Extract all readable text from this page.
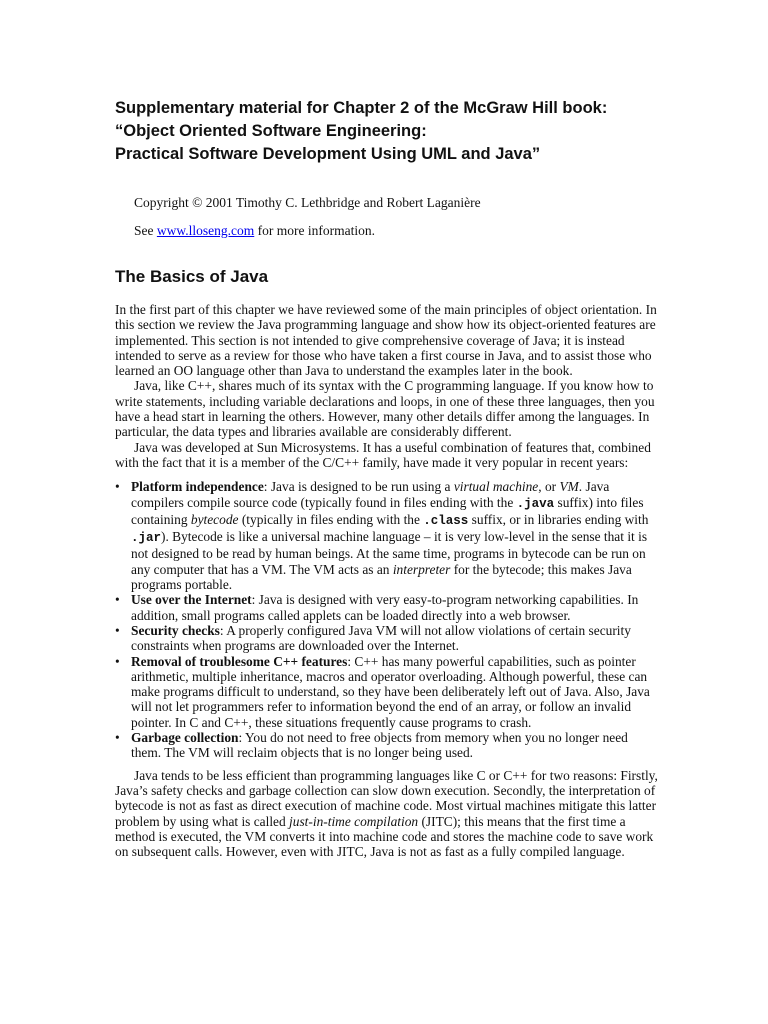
Supplementary material for Chapter 2 of the McGraw Hill book:
“Object Oriented Software Engineering:
Practical Software Development Using UML and Java”

Copyright © 2001 Timothy C. Lethbridge and Robert Laganière

See www.lloseng.com for more information.

The Basics of Java

In the first part of this chapter we have reviewed some of the main principles of object orientation. In this section we review the Java programming language and show how its object-oriented features are implemented. This section is not intended to give comprehensive coverage of Java; it is instead intended to serve as a review for those who have taken a first course in Java, and to assist those who learned an OO language other than Java to understand the examples later in the book.

Java, like C++, shares much of its syntax with the C programming language. If you know how to write statements, including variable declarations and loops, in one of these three languages, then you have a head start in learning the others. However, many other details differ among the languages. In particular, the data types and libraries available are considerably different.

Java was developed at Sun Microsystems. It has a useful combination of features that, combined with the fact that it is a member of the C/C++ family, have made it very popular in recent years:

• Platform independence: Java is designed to be run using a virtual machine, or VM. Java compilers compile source code (typically found in files ending with the .java suffix) into files containing bytecode (typically in files ending with the .class suffix, or in libraries ending with .jar). Bytecode is like a universal machine language – it is very low-level in the sense that it is not designed to be read by human beings. At the same time, programs in bytecode can be run on any computer that has a VM. The VM acts as an interpreter for the bytecode; this makes Java programs portable.
• Use over the Internet: Java is designed with very easy-to-program networking capabilities. In addition, small programs called applets can be loaded directly into a web browser.
• Security checks: A properly configured Java VM will not allow violations of certain security constraints when programs are downloaded over the Internet.
• Removal of troublesome C++ features: C++ has many powerful capabilities, such as pointer arithmetic, multiple inheritance, macros and operator overloading. Although powerful, these can make programs difficult to understand, so they have been deliberately left out of Java. Also, Java will not let programmers refer to information beyond the end of an array, or follow an invalid pointer. In C and C++, these situations frequently cause programs to crash.
• Garbage collection: You do not need to free objects from memory when you no longer need them. The VM will reclaim objects that is no longer being used.

Java tends to be less efficient than programming languages like C or C++ for two reasons: Firstly, Java’s safety checks and garbage collection can slow down execution. Secondly, the interpretation of bytecode is not as fast as direct execution of machine code. Most virtual machines mitigate this latter problem by using what is called just-in-time compilation (JITC); this means that the first time a method is executed, the VM converts it into machine code and stores the machine code to save work on subsequent calls. However, even with JITC, Java is not as fast as a fully compiled language.
